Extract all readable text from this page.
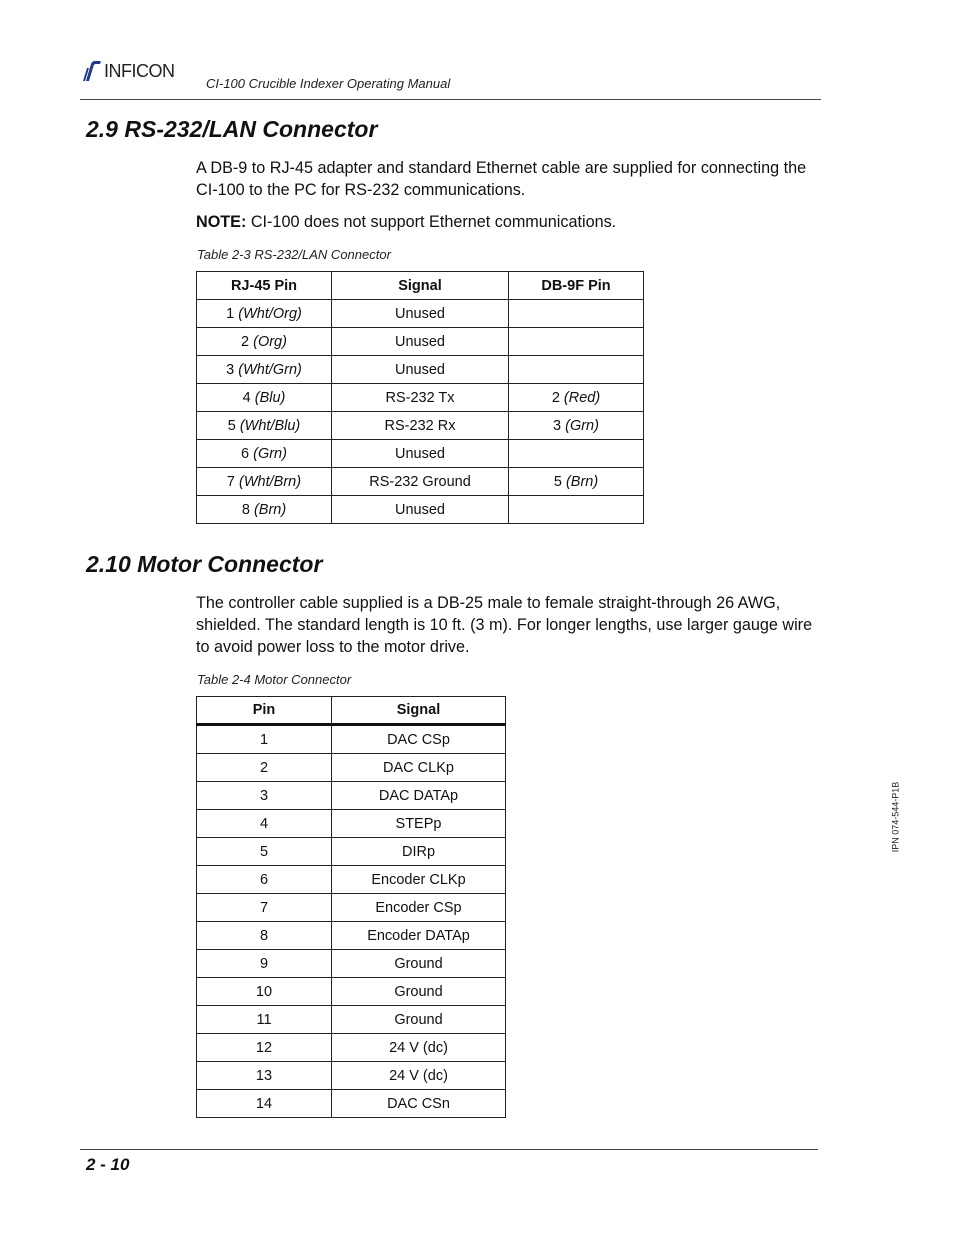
INFICON
CI-100 Crucible Indexer Operating Manual
2.9 RS-232/LAN Connector
A DB-9 to RJ-45 adapter and standard Ethernet cable are supplied for connecting the CI-100 to the PC for RS-232 communications.
NOTE: CI-100 does not support Ethernet communications.
Table 2-3 RS-232/LAN Connector
RJ-45 Pin	Signal	DB-9F Pin
1 (Wht/Org)	Unused	
2 (Org)	Unused	
3 (Wht/Grn)	Unused	
4 (Blu)	RS-232 Tx	2 (Red)
5 (Wht/Blu)	RS-232 Rx	3 (Grn)
6 (Grn)	Unused	
7 (Wht/Brn)	RS-232 Ground	5 (Brn)
8 (Brn)	Unused	
2.10 Motor Connector
The controller cable supplied is a DB-25 male to female straight-through 26 AWG, shielded. The standard length is 10 ft. (3 m). For longer lengths, use larger gauge wire to avoid power loss to the motor drive.
Table 2-4 Motor Connector
Pin	Signal
1	DAC CSp
2	DAC CLKp
3	DAC DATAp
4	STEPp
5	DIRp
6	Encoder CLKp
7	Encoder CSp
8	Encoder DATAp
9	Ground
10	Ground
11	Ground
12	24 V (dc)
13	24 V (dc)
14	DAC CSn
IPN 074-544-P1B
2 - 10
